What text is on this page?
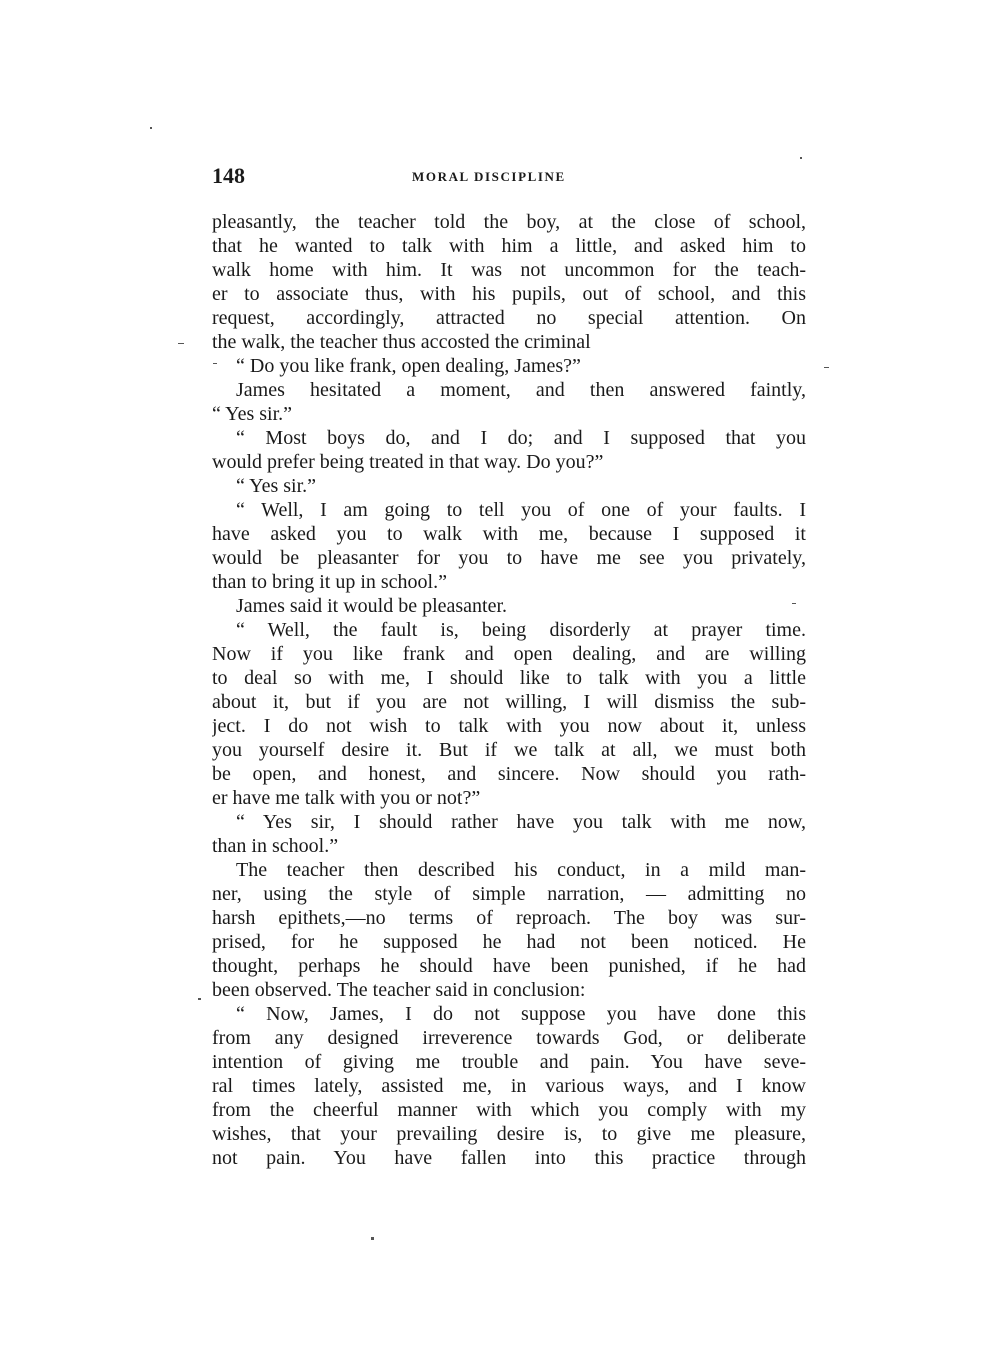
148	MORAL DISCIPLINE
pleasantly, the teacher told the boy, at the close of school,
that he wanted to talk with him a little, and asked him to
walk home with him. It was not uncommon for the teach-
er to associate thus, with his pupils, out of school, and this
request, accordingly, attracted no special attention. On
the walk, the teacher thus accosted the criminal
“ Do you like frank, open dealing, James?”
James hesitated a moment, and then answered faintly,
“ Yes sir.”
“ Most boys do, and I do; and I supposed that you
would prefer being treated in that way. Do you?”
“ Yes sir.”
“ Well, I am going to tell you of one of your faults. I
have asked you to walk with me, because I supposed it
would be pleasanter for you to have me see you privately,
than to bring it up in school.”
James said it would be pleasanter.
“ Well, the fault is, being disorderly at prayer time.
Now if you like frank and open dealing, and are willing
to deal so with me, I should like to talk with you a little
about it, but if you are not willing, I will dismiss the sub-
ject. I do not wish to talk with you now about it, unless
you yourself desire it. But if we talk at all, we must both
be open, and honest, and sincere. Now should you rath-
er have me talk with you or not?”
“ Yes sir, I should rather have you talk with me now,
than in school.”
The teacher then described his conduct, in a mild man-
ner, using the style of simple narration, — admitting no
harsh epithets,—no terms of reproach. The boy was sur-
prised, for he supposed he had not been noticed. He
thought, perhaps he should have been punished, if he had
been observed. The teacher said in conclusion:
“ Now, James, I do not suppose you have done this
from any designed irreverence towards God, or deliberate
intention of giving me trouble and pain. You have seve-
ral times lately, assisted me, in various ways, and I know
from the cheerful manner with which you comply with my
wishes, that your prevailing desire is, to give me pleasure,
not pain. You have fallen into this practice through
